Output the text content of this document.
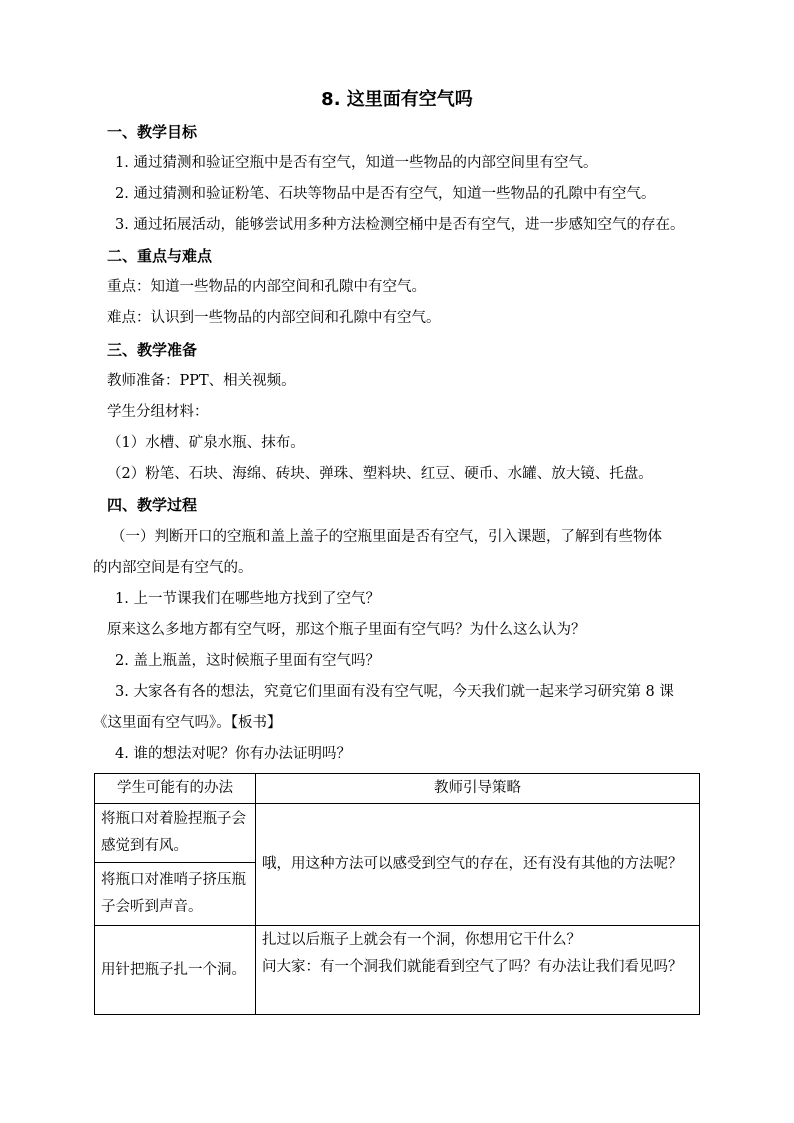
8. 这里面有空气吗
一、教学目标
1. 通过猜测和验证空瓶中是否有空气，知道一些物品的内部空间里有空气。
2. 通过猜测和验证粉笔、石块等物品中是否有空气，知道一些物品的孔隙中有空气。
3. 通过拓展活动，能够尝试用多种方法检测空桶中是否有空气，进一步感知空气的存在。
二、重点与难点
重点：知道一些物品的内部空间和孔隙中有空气。
难点：认识到一些物品的内部空间和孔隙中有空气。
三、教学准备
教师准备：PPT、相关视频。
学生分组材料：
（1）水槽、矿泉水瓶、抹布。
（2）粉笔、石块、海绵、砖块、弹珠、塑料块、红豆、硬币、水罐、放大镜、托盘。
四、教学过程
（一）判断开口的空瓶和盖上盖子的空瓶里面是否有空气，引入课题，了解到有些物体
的内部空间是有空气的。
1. 上一节课我们在哪些地方找到了空气？
原来这么多地方都有空气呀，那这个瓶子里面有空气吗？为什么这么认为？
2. 盖上瓶盖，这时候瓶子里面有空气吗？
3. 大家各有各的想法，究竟它们里面有没有空气呢，今天我们就一起来学习研究第 8 课
《这里面有空气吗》。【板书】
4. 谁的想法对呢？你有办法证明吗？
学生可能有的办法	教师引导策略
将瓶口对着脸捏瓶子会感觉到有风。	哦，用这种方法可以感受到空气的存在，还有没有其他的方法呢？
将瓶口对准哨子挤压瓶子会听到声音。	
用针把瓶子扎一个洞。	扎过以后瓶子上就会有一个洞，你想用它干什么？
问大家：有一个洞我们就能看到空气了吗？有办法让我们看见吗？
